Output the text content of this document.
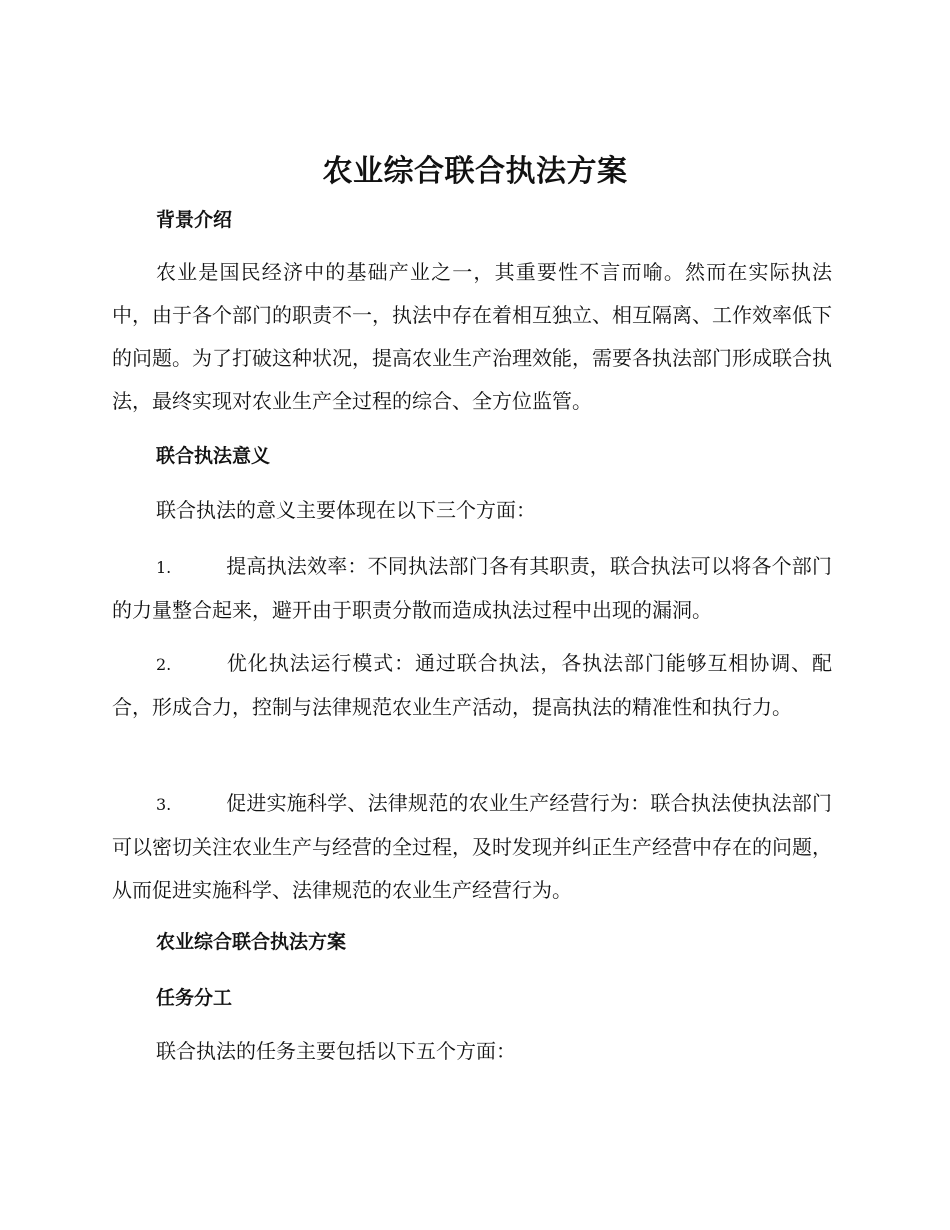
农业综合联合执法方案
背景介绍
农业是国民经济中的基础产业之一，其重要性不言而喻。然而在实际执法中，由于各个部门的职责不一，执法中存在着相互独立、相互隔离、工作效率低下的问题。为了打破这种状况，提高农业生产治理效能，需要各执法部门形成联合执法，最终实现对农业生产全过程的综合、全方位监管。
联合执法意义
联合执法的意义主要体现在以下三个方面：
1.	提高执法效率：不同执法部门各有其职责，联合执法可以将各个部门的力量整合起来，避开由于职责分散而造成执法过程中出现的漏洞。
2.	优化执法运行模式：通过联合执法，各执法部门能够互相协调、配合，形成合力，控制与法律规范农业生产活动，提高执法的精准性和执行力。
3.	促进实施科学、法律规范的农业生产经营行为：联合执法使执法部门可以密切关注农业生产与经营的全过程，及时发现并纠正生产经营中存在的问题，从而促进实施科学、法律规范的农业生产经营行为。
农业综合联合执法方案
任务分工
联合执法的任务主要包括以下五个方面：
